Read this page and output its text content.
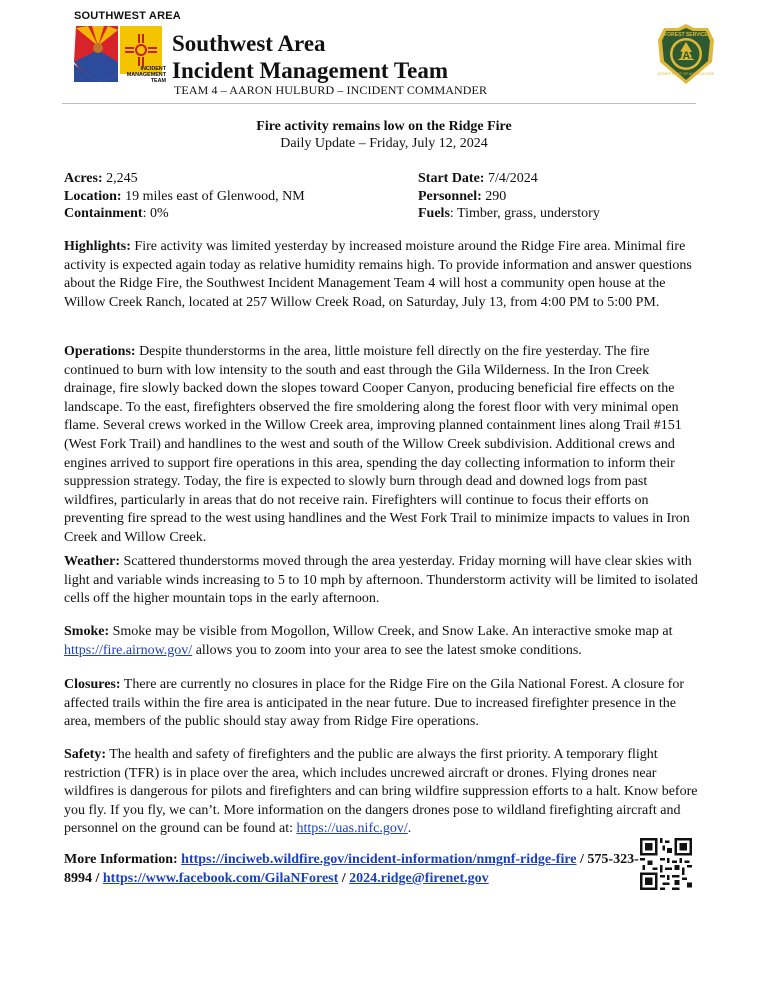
SOUTHWEST AREA
INCIDENT
MANAGEMENT
TEAM
Southwest Area
Incident Management Team
TEAM 4 – AARON HULBURD – INCIDENT COMMANDER
FOREST SERVICE
UAS
DEPARTMENT OF AGRICULTURE
Fire activity remains low on the Ridge Fire
Daily Update – Friday, July 12, 2024
Acres: 2,245
Location: 19 miles east of Glenwood, NM
Containment: 0%
Start Date: 7/4/2024
Personnel: 290
Fuels: Timber, grass, understory
Highlights: Fire activity was limited yesterday by increased moisture around the Ridge Fire area. Minimal fire activity is expected again today as relative humidity remains high. To provide information and answer questions about the Ridge Fire, the Southwest Incident Management Team 4 will host a community open house at the Willow Creek Ranch, located at 257 Willow Creek Road, on Saturday, July 13, from 4:00 PM to 5:00 PM.
Operations: Despite thunderstorms in the area, little moisture fell directly on the fire yesterday. The fire continued to burn with low intensity to the south and east through the Gila Wilderness. In the Iron Creek drainage, fire slowly backed down the slopes toward Cooper Canyon, producing beneficial fire effects on the landscape. To the east, firefighters observed the fire smoldering along the forest floor with very minimal open flame. Several crews worked in the Willow Creek area, improving planned containment lines along Trail #151 (West Fork Trail) and handlines to the west and south of the Willow Creek subdivision. Additional crews and engines arrived to support fire operations in this area, spending the day collecting information to inform their suppression strategy. Today, the fire is expected to slowly burn through dead and downed logs from past wildfires, particularly in areas that do not receive rain. Firefighters will continue to focus their efforts on preventing fire spread to the west using handlines and the West Fork Trail to minimize impacts to values in Iron Creek and Willow Creek.
Weather: Scattered thunderstorms moved through the area yesterday. Friday morning will have clear skies with light and variable winds increasing to 5 to 10 mph by afternoon. Thunderstorm activity will be limited to isolated cells off the higher mountain tops in the early afternoon.
Smoke: Smoke may be visible from Mogollon, Willow Creek, and Snow Lake. An interactive smoke map at https://fire.airnow.gov/ allows you to zoom into your area to see the latest smoke conditions.
Closures: There are currently no closures in place for the Ridge Fire on the Gila National Forest. A closure for affected trails within the fire area is anticipated in the near future. Due to increased firefighter presence in the area, members of the public should stay away from Ridge Fire operations.
Safety: The health and safety of firefighters and the public are always the first priority. A temporary flight restriction (TFR) is in place over the area, which includes uncrewed aircraft or drones. Flying drones near wildfires is dangerous for pilots and firefighters and can bring wildfire suppression efforts to a halt. Know before you fly. If you fly, we can’t. More information on the dangers drones pose to wildland firefighting aircraft and personnel on the ground can be found at: https://uas.nifc.gov/.
More Information: https://inciweb.wildfire.gov/incident-information/nmgnf-ridge-fire / 575-323-8994 / https://www.facebook.com/GilaNForest / 2024.ridge@firenet.gov
